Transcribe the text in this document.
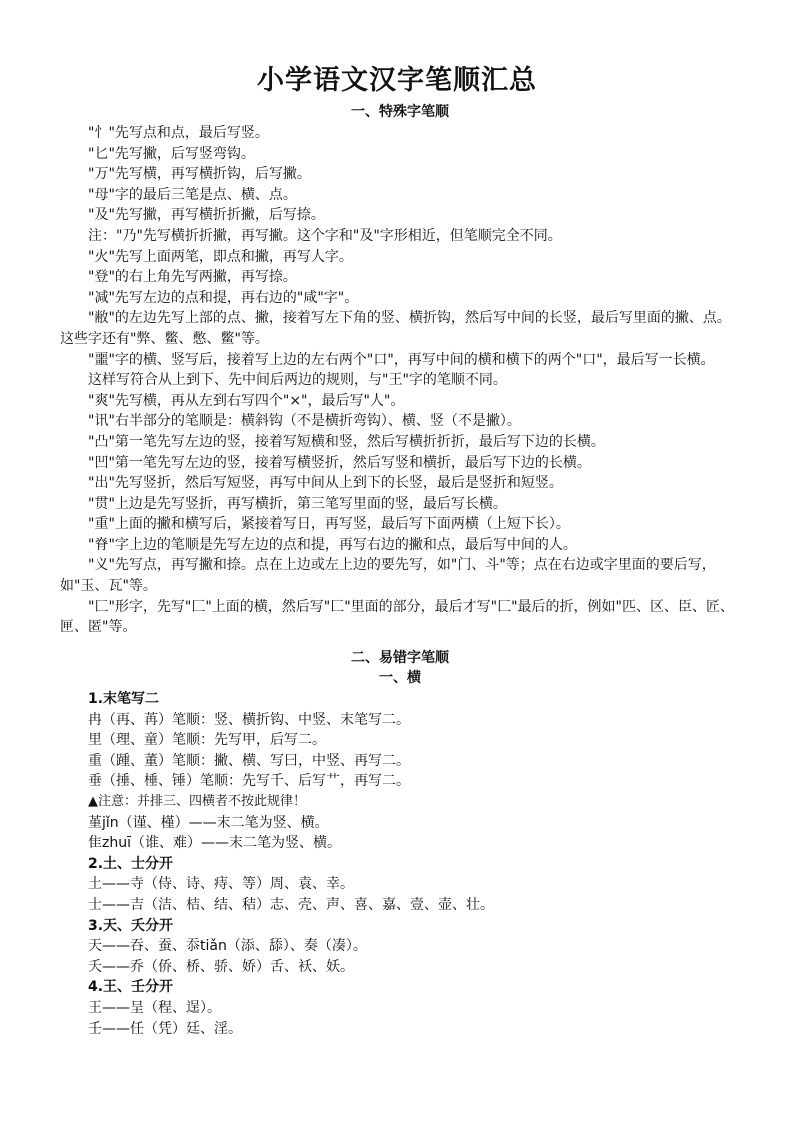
小学语文汉字笔顺汇总
一、特殊字笔顺

"忄"先写点和点，最后写竖。

"匕"先写撇，后写竖弯钩。

"万"先写横，再写横折钩，后写撇。

"母"字的最后三笔是点、横、点。

"及"先写撇，再写横折折撇，后写捺。

注："乃"先写横折折撇，再写撇。这个字和"及"字形相近，但笔顺完全不同。

"火"先写上面两笔，即点和撇，再写人字。

"登"的右上角先写两撇，再写捺。

"减"先写左边的点和提，再右边的"咸"字"。

"敝"的左边先写上部的点、撇，接着写左下角的竖、横折钩，然后写中间的长竖，最后写里面的撇、点。这些字还有"弊、鳖、憋、鳖"等。

"噩"字的横、竖写后，接着写上边的左右两个"口"，再写中间的横和横下的两个"口"，最后写一长横。

这样写符合从上到下、先中间后两边的规则，与"王"字的笔顺不同。

"爽"先写横，再从左到右写四个"×"，最后写"人"。

"讯"右半部分的笔顺是：横斜钩（不是横折弯钩）、横、竖（不是撇）。

"凸"第一笔先写左边的竖，接着写短横和竖，然后写横折折折，最后写下边的长横。

"凹"第一笔先写左边的竖，接着写横竖折，然后写竖和横折，最后写下边的长横。

"出"先写竖折，然后写短竖，再写中间从上到下的长竖，最后是竖折和短竖。

"贯"上边是先写竖折，再写横折，第三笔写里面的竖，最后写长横。

"重"上面的撇和横写后，紧接着写日，再写竖，最后写下面两横（上短下长）。

"脊"字上边的笔顺是先写左边的点和提，再写右边的撇和点，最后写中间的人。

"义"先写点，再写撇和捺。点在上边或左上边的要先写，如"门、斗"等；点在右边或字里面的要后写，如"玉、瓦"等。

"匚"形字，先写"匚"上面的横，然后写"匚"里面的部分，最后才写"匚"最后的折，例如"匹、区、臣、匠、匣、匿"等。

二、易错字笔顺
一、横
1.末笔写二
冉（再、苒）笔顺：竖、横折钩、中竖、末笔写二。
里（理、童）笔顺：先写甲，后写二。
重（踵、董）笔顺：撇、横、写曰，中竖、再写二。
垂（捶、棰、锤）笔顺：先写千、后写艹，再写二。
▲注意：并排三、四横者不按此规律！
堇jǐn（谨、槿）——末二笔为竖、横。
隹zhuī（谁、难）——末二笔为竖、横。
2.土、士分开
土——寺（侍、诗、痔、等）周、袁、幸。
士——吉（洁、桔、结、秸）志、壳、声、喜、嘉、壹、壶、壮。
3.天、夭分开
天——吞、蚕、忝tiǎn（添、舔）、奏（凑）。
夭——乔（侨、桥、骄、娇）舌、袄、妖。
4.王、壬分开
王——呈（程、逞）。
壬——任（凭）廷、淫。
